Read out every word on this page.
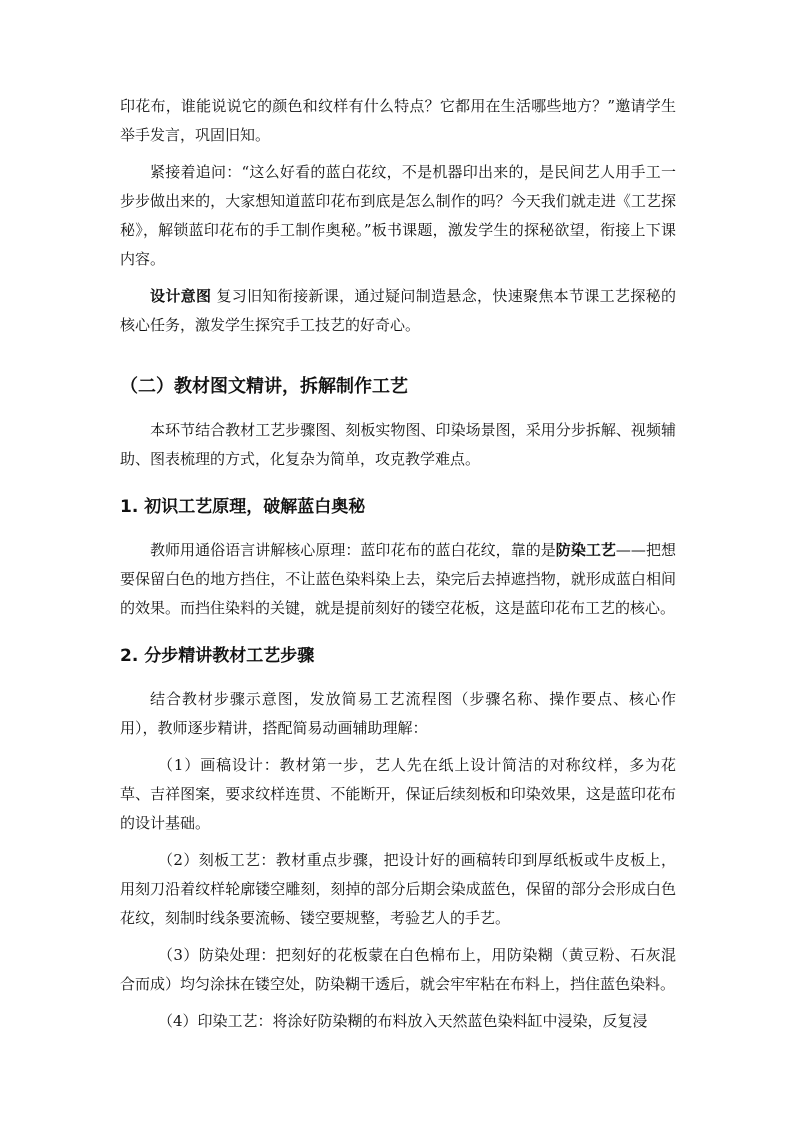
印花布，谁能说说它的颜色和纹样有什么特点？它都用在生活哪些地方？”邀请学生举手发言，巩固旧知。

紧接着追问：“这么好看的蓝白花纹，不是机器印出来的，是民间艺人用手工一步步做出来的，大家想知道蓝印花布到底是怎么制作的吗？今天我们就走进《工艺探秘》，解锁蓝印花布的手工制作奥秘。”板书课题，激发学生的探秘欲望，衔接上下课内容。

设计意图 复习旧知衔接新课，通过疑问制造悬念，快速聚焦本节课工艺探秘的核心任务，激发学生探究手工技艺的好奇心。

（二）教材图文精讲，拆解制作工艺

本环节结合教材工艺步骤图、刻板实物图、印染场景图，采用分步拆解、视频辅助、图表梳理的方式，化复杂为简单，攻克教学难点。

1. 初识工艺原理，破解蓝白奥秘

教师用通俗语言讲解核心原理：蓝印花布的蓝白花纹，靠的是防染工艺——把想要保留白色的地方挡住，不让蓝色染料染上去，染完后去掉遮挡物，就形成蓝白相间的效果。而挡住染料的关键，就是提前刻好的镂空花板，这是蓝印花布工艺的核心。

2. 分步精讲教材工艺步骤

结合教材步骤示意图，发放简易工艺流程图（步骤名称、操作要点、核心作用），教师逐步精讲，搭配简易动画辅助理解：

（1）画稿设计：教材第一步，艺人先在纸上设计简洁的对称纹样，多为花草、吉祥图案，要求纹样连贯、不能断开，保证后续刻板和印染效果，这是蓝印花布的设计基础。

（2）刻板工艺：教材重点步骤，把设计好的画稿转印到厚纸板或牛皮板上，用刻刀沿着纹样轮廓镂空雕刻，刻掉的部分后期会染成蓝色，保留的部分会形成白色花纹，刻制时线条要流畅、镂空要规整，考验艺人的手艺。

（3）防染处理：把刻好的花板蒙在白色棉布上，用防染糊（黄豆粉、石灰混合而成）均匀涂抹在镂空处，防染糊干透后，就会牢牢粘在布料上，挡住蓝色染料。

（4）印染工艺：将涂好防染糊的布料放入天然蓝色染料缸中浸染，反复浸
